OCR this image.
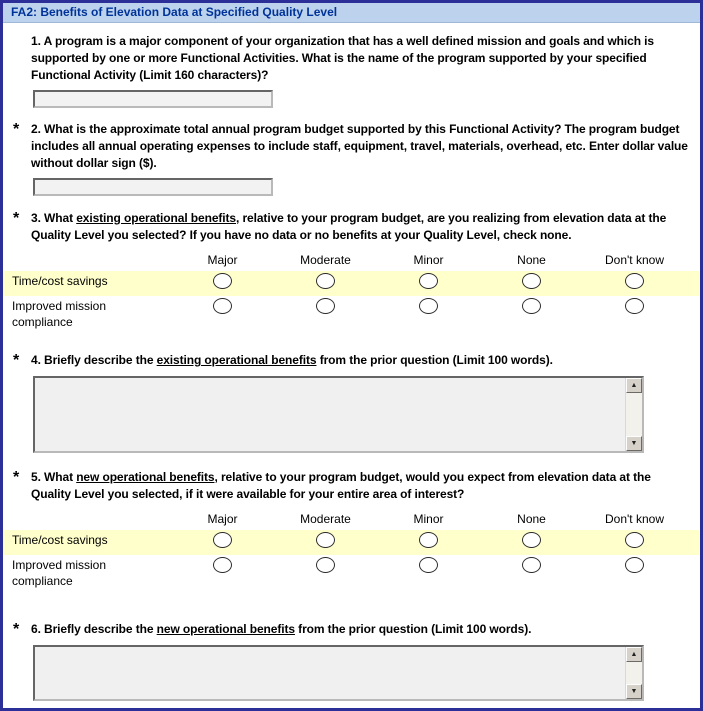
FA2: Benefits of Elevation Data at Specified Quality Level
1. A program is a major component of your organization that has a well defined mission and goals and which is supported by one or more Functional Activities. What is the name of the program supported by your specified Functional Activity (Limit 160 characters)?
* 2. What is the approximate total annual program budget supported by this Functional Activity? The program budget includes all annual operating expenses to include staff, equipment, travel, materials, overhead, etc. Enter dollar value without dollar sign ($).
* 3. What existing operational benefits, relative to your program budget, are you realizing from elevation data at the Quality Level you selected? If you have no data or no benefits at your Quality Level, check none.
Major	Moderate	Minor	None	Don't know
Time/cost savings
Improved mission compliance
* 4. Briefly describe the existing operational benefits from the prior question (Limit 100 words).
▲
▼
* 5. What new operational benefits, relative to your program budget, would you expect from elevation data at the Quality Level you selected, if it were available for your entire area of interest?
Major	Moderate	Minor	None	Don't know
Time/cost savings
Improved mission compliance
* 6. Briefly describe the new operational benefits from the prior question (Limit 100 words).
▲
▼
